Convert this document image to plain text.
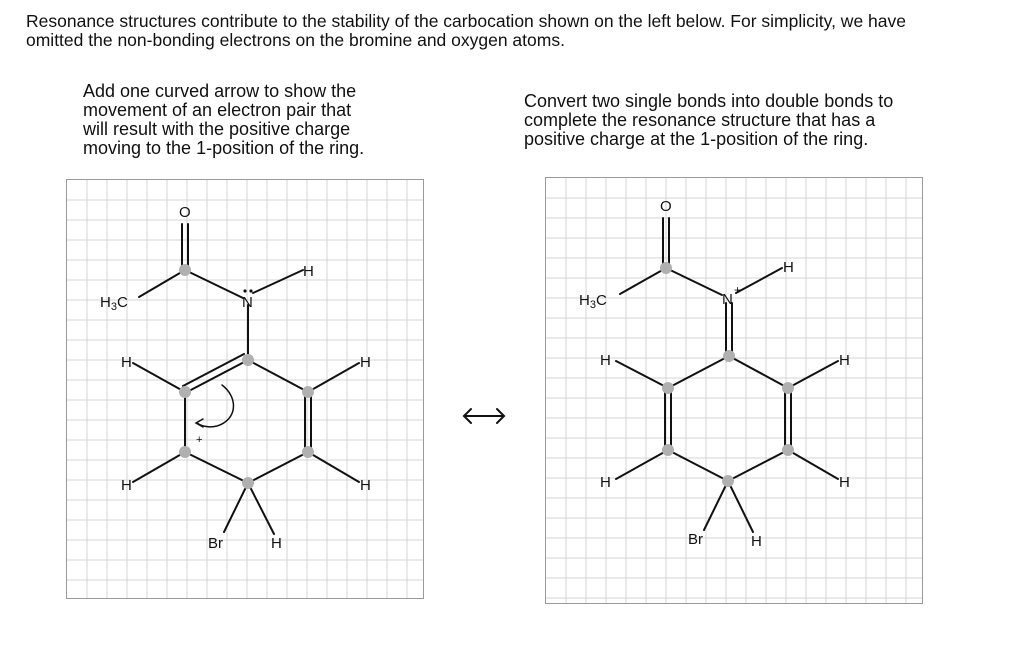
Resonance structures contribute to the stability of the carbocation shown on the left below. For simplicity, we have
omitted the non-bonding electrons on the bromine and oxygen atoms.
Add one curved arrow to show the
movement of an electron pair that
will result with the positive charge
moving to the 1-position of the ring.
Convert two single bonds into double bonds to
complete the resonance structure that has a
positive charge at the 1-position of the ring.
O
$H_3C$	N
H
H	H
H	H
Br	H
+
O
$H_3C$	N
+
H
H	H
H	H
Br	H
